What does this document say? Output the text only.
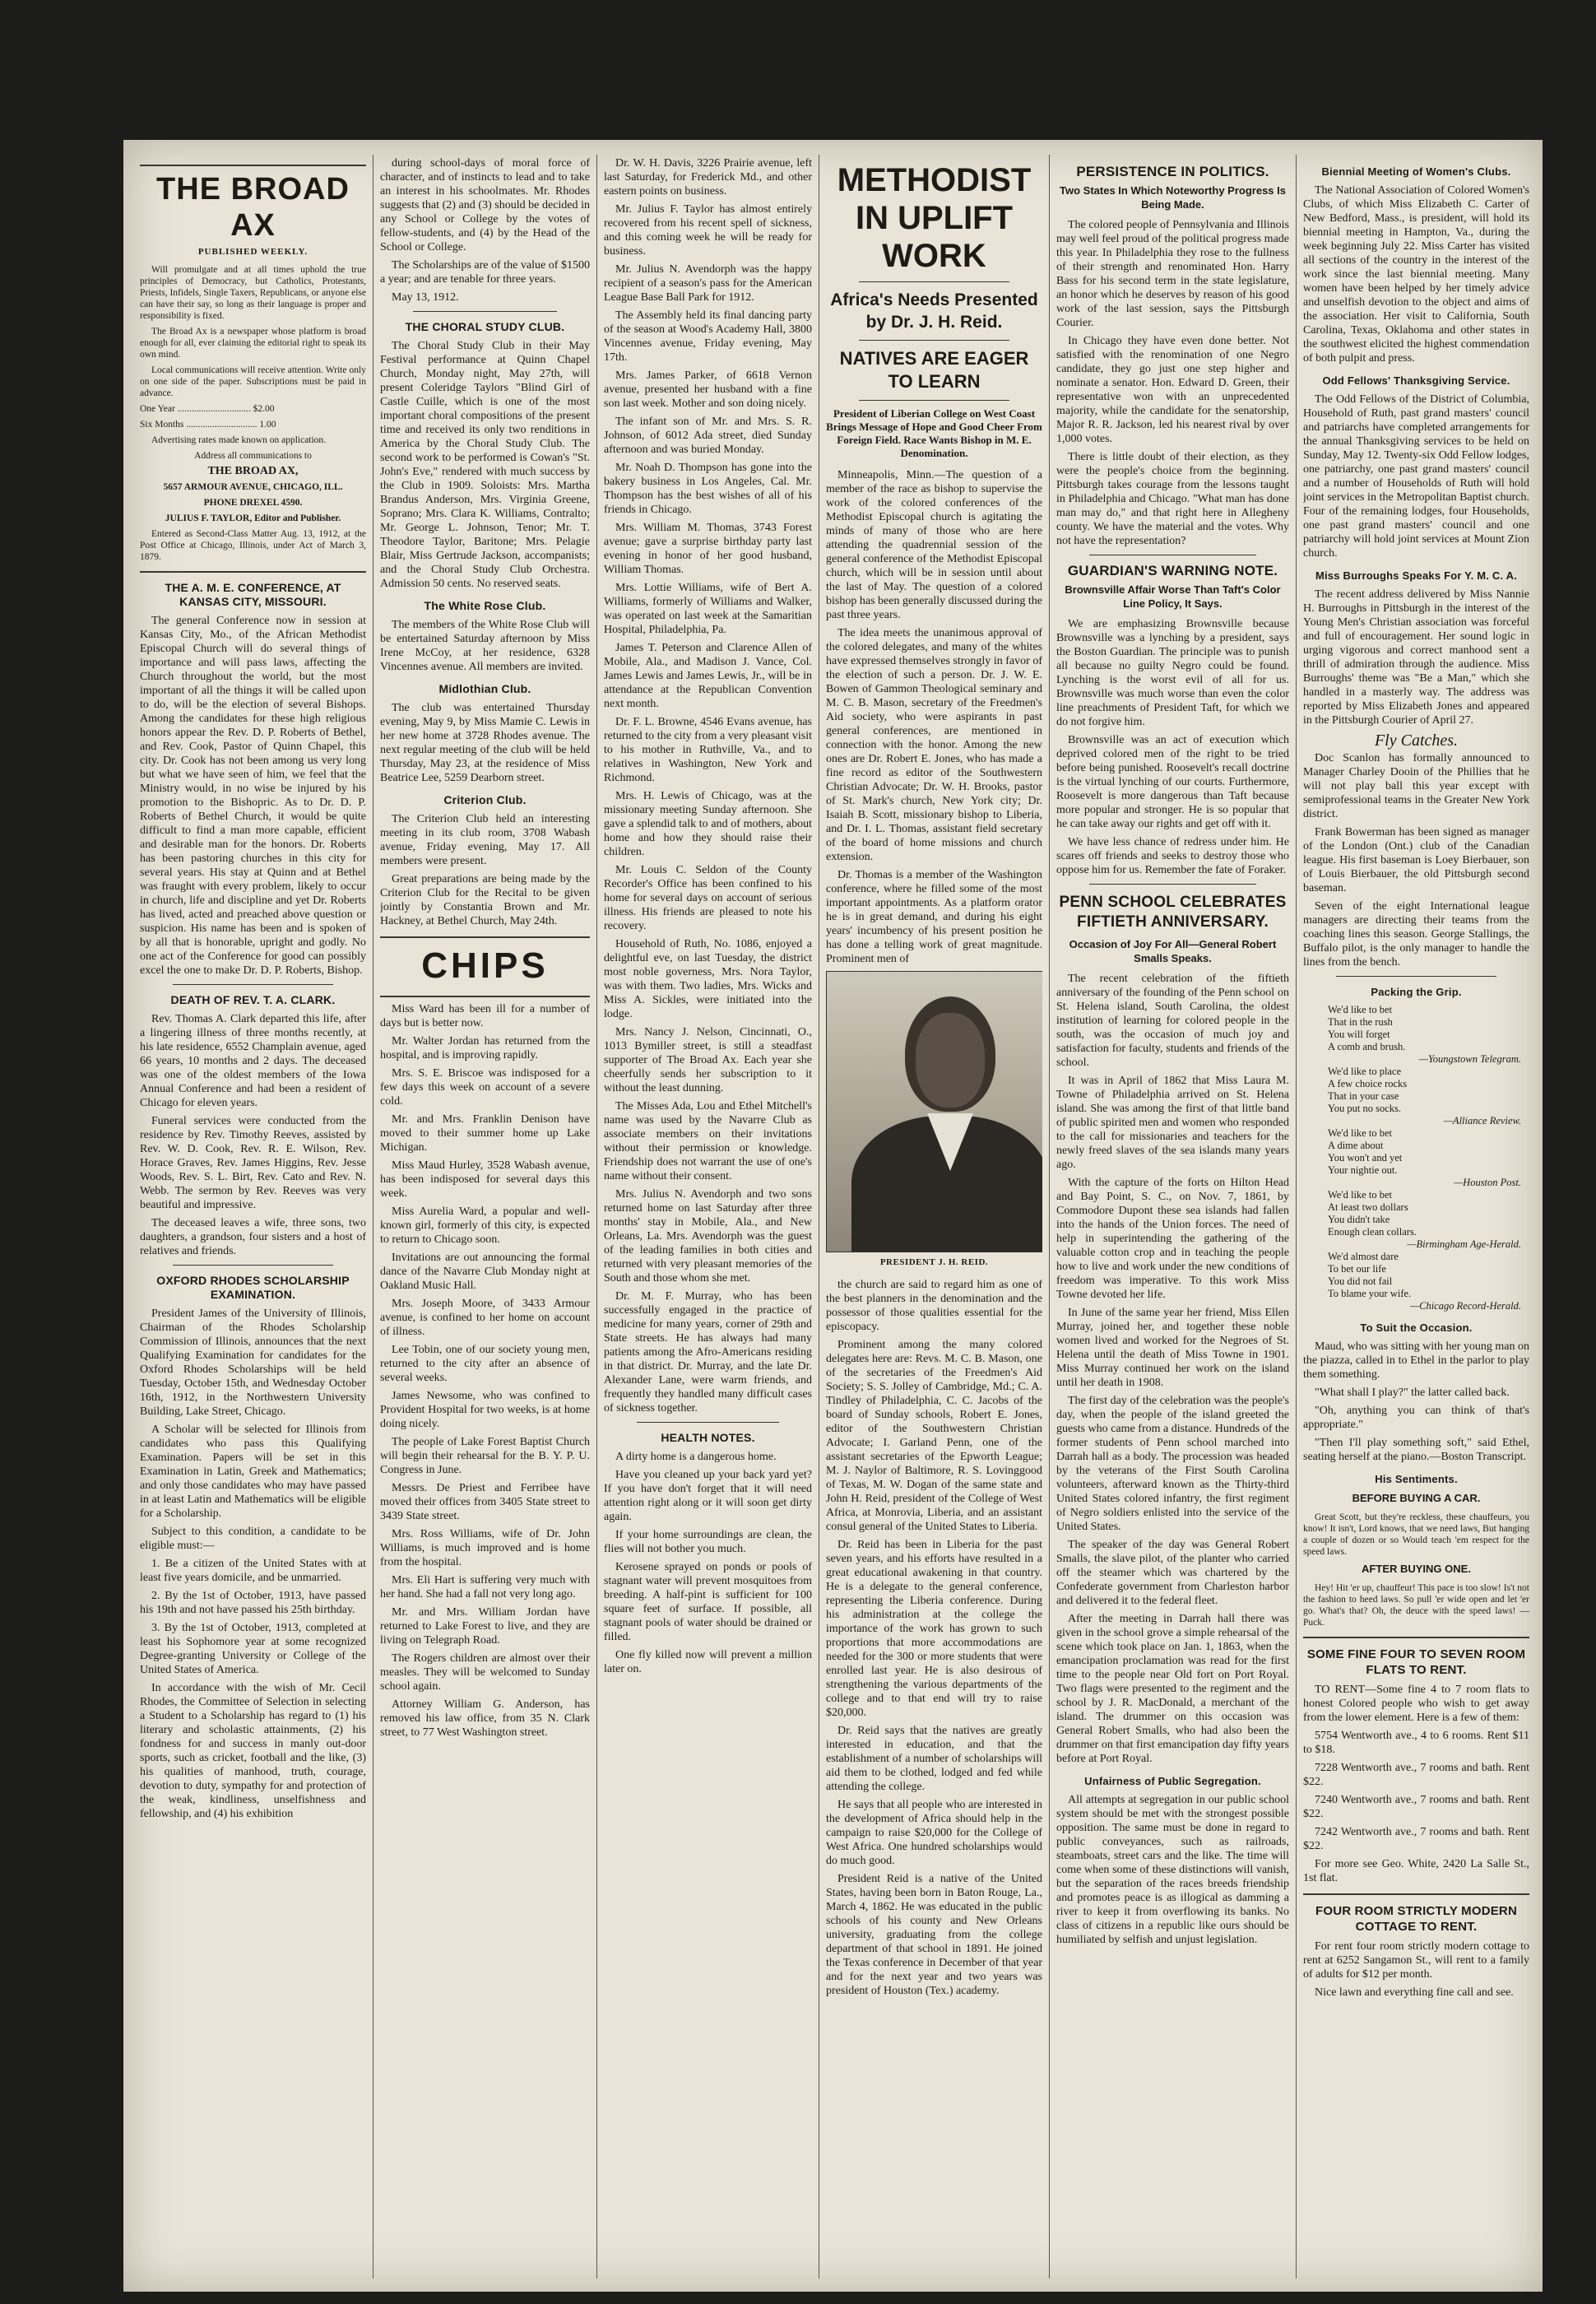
THE BROAD AX
PUBLISHED WEEKLY.

Will promulgate and at all times uphold the true principles of Democracy, but Catholics, Protestants, Priests, Infidels, Single Taxers, Republicans, or anyone else can have their say, so long as their language is proper and responsibility is fixed.

The Broad Ax is a newspaper whose platform is broad enough for all, ever claiming the editorial right to speak its own mind.

Local communications will receive attention. Write only on one side of the paper. Subscriptions must be paid in advance.

One Year ............................... $2.00

Six Months .............................. 1.00

Advertising rates made known on application.

Address all communications to

THE BROAD AX,

5657 ARMOUR AVENUE, CHICAGO, ILL.

PHONE DREXEL 4590.

JULIUS F. TAYLOR, Editor and Publisher.

Entered as Second-Class Matter Aug. 13, 1912, at the Post Office at Chicago, Illinois, under Act of March 3, 1879.

THE A. M. E. CONFERENCE, AT KANSAS CITY, MISSOURI.

The general Conference now in session at Kansas City, Mo., of the African Methodist Episcopal Church will do several things of importance and will pass laws, affecting the Church throughout the world, but the most important of all the things it will be called upon to do, will be the election of several Bishops. Among the candidates for these high religious honors appear the Rev. D. P. Roberts of Bethel, and Rev. Cook, Pastor of Quinn Chapel, this city. Dr. Cook has not been among us very long but what we have seen of him, we feel that the Ministry would, in no wise be injured by his promotion to the Bishopric. As to Dr. D. P. Roberts of Bethel Church, it would be quite difficult to find a man more capable, efficient and desirable man for the honors. Dr. Roberts has been pastoring churches in this city for several years. His stay at Quinn and at Bethel was fraught with every problem, likely to occur in church, life and discipline and yet Dr. Roberts has lived, acted and preached above question or suspicion. His name has been and is spoken of by all that is honorable, upright and godly. No one act of the Conference for good can possibly excel the one to make Dr. D. P. Roberts, Bishop.

DEATH OF REV. T. A. CLARK.

Rev. Thomas A. Clark departed this life, after a lingering illness of three months recently, at his late residence, 6552 Champlain avenue, aged 66 years, 10 months and 2 days. The deceased was one of the oldest members of the Iowa Annual Conference and had been a resident of Chicago for eleven years.

Funeral services were conducted from the residence by Rev. Timothy Reeves, assisted by Rev. W. D. Cook, Rev. R. E. Wilson, Rev. Horace Graves, Rev. James Higgins, Rev. Jesse Woods, Rev. S. L. Birt, Rev. Cato and Rev. N. Webb. The sermon by Rev. Reeves was very beautiful and impressive.

The deceased leaves a wife, three sons, two daughters, a grandson, four sisters and a host of relatives and friends.

OXFORD RHODES SCHOLARSHIP EXAMINATION.

President James of the University of Illinois, Chairman of the Rhodes Scholarship Commission of Illinois, announces that the next Qualifying Examination for candidates for the Oxford Rhodes Scholarships will be held Tuesday, October 15th, and Wednesday October 16th, 1912, in the Northwestern University Building, Lake Street, Chicago.

A Scholar will be selected for Illinois from candidates who pass this Qualifying Examination. Papers will be set in this Examination in Latin, Greek and Mathematics; and only those candidates who may have passed in at least Latin and Mathematics will be eligible for a Scholarship.

Subject to this condition, a candidate to be eligible must:—

1. Be a citizen of the United States with at least five years domicile, and be unmarried.

2. By the 1st of October, 1913, have passed his 19th and not have passed his 25th birthday.

3. By the 1st of October, 1913, completed at least his Sophomore year at some recognized Degree-granting University or College of the United States of America.

In accordance with the wish of Mr. Cecil Rhodes, the Committee of Selection in selecting a Student to a Scholarship has regard to (1) his literary and scholastic attainments, (2) his fondness for and success in manly out-door sports, such as cricket, football and the like, (3) his qualities of manhood, truth, courage, devotion to duty, sympathy for and protection of the weak, kindliness, unselfishness and fellowship, and (4) his exhibition

during school-days of moral force of character, and of instincts to lead and to take an interest in his schoolmates. Mr. Rhodes suggests that (2) and (3) should be decided in any School or College by the votes of fellow-students, and (4) by the Head of the School or College.

The Scholarships are of the value of $1500 a year; and are tenable for three years.

May 13, 1912.

THE CHORAL STUDY CLUB.

The Choral Study Club in their May Festival performance at Quinn Chapel Church, Monday night, May 27th, will present Coleridge Taylors "Blind Girl of Castle Cuille, which is one of the most important choral compositions of the present time and received its only two renditions in America by the Choral Study Club. The second work to be performed is Cowan's "St. John's Eve," rendered with much success by the Club in 1909. Soloists: Mrs. Martha Brandus Anderson, Mrs. Virginia Greene, Soprano; Mrs. Clara K. Williams, Contralto; Mr. George L. Johnson, Tenor; Mr. T. Theodore Taylor, Baritone; Mrs. Pelagie Blair, Miss Gertrude Jackson, accompanists; and the Choral Study Club Orchestra. Admission 50 cents. No reserved seats.

The White Rose Club.

The members of the White Rose Club will be entertained Saturday afternoon by Miss Irene McCoy, at her residence, 6328 Vincennes avenue. All members are invited.

Midlothian Club.

The club was entertained Thursday evening, May 9, by Miss Mamie C. Lewis in her new home at 3728 Rhodes avenue. The next regular meeting of the club will be held Thursday, May 23, at the residence of Miss Beatrice Lee, 5259 Dearborn street.

Criterion Club.

The Criterion Club held an interesting meeting in its club room, 3708 Wabash avenue, Friday evening, May 17. All members were present.

Great preparations are being made by the Criterion Club for the Recital to be given jointly by Constantia Brown and Mr. Hackney, at Bethel Church, May 24th.

CHIPS

Miss Ward has been ill for a number of days but is better now.

Mr. Walter Jordan has returned from the hospital, and is improving rapidly.

Mrs. S. E. Briscoe was indisposed for a few days this week on account of a severe cold.

Mr. and Mrs. Franklin Denison have moved to their summer home up Lake Michigan.

Miss Maud Hurley, 3528 Wabash avenue, has been indisposed for several days this week.

Miss Aurelia Ward, a popular and well-known girl, formerly of this city, is expected to return to Chicago soon.

Invitations are out announcing the formal dance of the Navarre Club Monday night at Oakland Music Hall.

Mrs. Joseph Moore, of 3433 Armour avenue, is confined to her home on account of illness.

Lee Tobin, one of our society young men, returned to the city after an absence of several weeks.

James Newsome, who was confined to Provident Hospital for two weeks, is at home doing nicely.

The people of Lake Forest Baptist Church will begin their rehearsal for the B. Y. P. U. Congress in June.

Messrs. De Priest and Ferribee have moved their offices from 3405 State street to 3439 State street.

Mrs. Ross Williams, wife of Dr. John Williams, is much improved and is home from the hospital.

Mrs. Eli Hart is suffering very much with her hand. She had a fall not very long ago.

Mr. and Mrs. William Jordan have returned to Lake Forest to live, and they are living on Telegraph Road.

The Rogers children are almost over their measles. They will be welcomed to Sunday school again.

Attorney William G. Anderson, has removed his law office, from 35 N. Clark street, to 77 West Washington street.

Dr. W. H. Davis, 3226 Prairie avenue, left last Saturday, for Frederick Md., and other eastern points on business.

Mr. Julius F. Taylor has almost entirely recovered from his recent spell of sickness, and this coming week he will be ready for business.

Mr. Julius N. Avendorph was the happy recipient of a season's pass for the American League Base Ball Park for 1912.

The Assembly held its final dancing party of the season at Wood's Academy Hall, 3800 Vincennes avenue, Friday evening, May 17th.

Mrs. James Parker, of 6618 Vernon avenue, presented her husband with a fine son last week. Mother and son doing nicely.

The infant son of Mr. and Mrs. S. R. Johnson, of 6012 Ada street, died Sunday afternoon and was buried Monday.

Mr. Noah D. Thompson has gone into the bakery business in Los Angeles, Cal. Mr. Thompson has the best wishes of all of his friends in Chicago.

Mrs. William M. Thomas, 3743 Forest avenue; gave a surprise birthday party last evening in honor of her good husband, William Thomas.

Mrs. Lottie Williams, wife of Bert A. Williams, formerly of Williams and Walker, was operated on last week at the Samaritian Hospital, Philadelphia, Pa.

James T. Peterson and Clarence Allen of Mobile, Ala., and Madison J. Vance, Col. James Lewis and James Lewis, Jr., will be in attendance at the Republican Convention next month.

Dr. F. L. Browne, 4546 Evans avenue, has returned to the city from a very pleasant visit to his mother in Ruthville, Va., and to relatives in Washington, New York and Richmond.

Mrs. H. Lewis of Chicago, was at the missionary meeting Sunday afternoon. She gave a splendid talk to and of mothers, about home and how they should raise their children.

Mr. Louis C. Seldon of the County Recorder's Office has been confined to his home for several days on account of serious illness. His friends are pleased to note his recovery.

Household of Ruth, No. 1086, enjoyed a delightful eve, on last Tuesday, the district most noble governess, Mrs. Nora Taylor, was with them. Two ladies, Mrs. Wicks and Miss A. Sickles, were initiated into the lodge.

Mrs. Nancy J. Nelson, Cincinnati, O., 1013 Bymiller street, is still a steadfast supporter of The Broad Ax. Each year she cheerfully sends her subscription to it without the least dunning.

The Misses Ada, Lou and Ethel Mitchell's name was used by the Navarre Club as associate members on their invitations without their permission or knowledge. Friendship does not warrant the use of one's name without their consent.

Mrs. Julius N. Avendorph and two sons returned home on last Saturday after three months' stay in Mobile, Ala., and New Orleans, La. Mrs. Avendorph was the guest of the leading families in both cities and returned with very pleasant memories of the South and those whom she met.

Dr. M. F. Murray, who has been successfully engaged in the practice of medicine for many years, corner of 29th and State streets. He has always had many patients among the Afro-Americans residing in that district. Dr. Murray, and the late Dr. Alexander Lane, were warm friends, and frequently they handled many difficult cases of sickness together.

HEALTH NOTES.

A dirty home is a dangerous home.

Have you cleaned up your back yard yet? If you have don't forget that it will need attention right along or it will soon get dirty again.

If your home surroundings are clean, the flies will not bother you much.

Kerosene sprayed on ponds or pools of stagnant water will prevent mosquitoes from breeding. A half-pint is sufficient for 100 square feet of surface. If possible, all stagnant pools of water should be drained or filled.

One fly killed now will prevent a million later on.

METHODIST IN UPLIFT WORK
Africa's Needs Presented by Dr. J. H. Reid.
NATIVES ARE EAGER TO LEARN
President of Liberian College on West Coast Brings Message of Hope and Good Cheer From Foreign Field. Race Wants Bishop in M. E. Denomination.

Minneapolis, Minn.—The question of a member of the race as bishop to supervise the work of the colored conferences of the Methodist Episcopal church is agitating the minds of many of those who are here attending the quadrennial session of the general conference of the Methodist Episcopal church, which will be in session until about the last of May. The question of a colored bishop has been generally discussed during the past three years.

The idea meets the unanimous approval of the colored delegates, and many of the whites have expressed themselves strongly in favor of the election of such a person. Dr. J. W. E. Bowen of Gammon Theological seminary and M. C. B. Mason, secretary of the Freedmen's Aid society, who were aspirants in past general conferences, are mentioned in connection with the honor. Among the new ones are Dr. Robert E. Jones, who has made a fine record as editor of the Southwestern Christian Advocate; Dr. W. H. Brooks, pastor of St. Mark's church, New York city; Dr. Isaiah B. Scott, missionary bishop to Liberia, and Dr. I. L. Thomas, assistant field secretary of the board of home missions and church extension.

Dr. Thomas is a member of the Washington conference, where he filled some of the most important appointments. As a platform orator he is in great demand, and during his eight years' incumbency of his present position he has done a telling work of great magnitude. Prominent men of

PRESIDENT J. H. REID.

the church are said to regard him as one of the best planners in the denomination and the possessor of those qualities essential for the episcopacy.

Prominent among the many colored delegates here are: Revs. M. C. B. Mason, one of the secretaries of the Freedmen's Aid Society; S. S. Jolley of Cambridge, Md.; C. A. Tindley of Philadelphia, C. C. Jacobs of the board of Sunday schools, Robert E. Jones, editor of the Southwestern Christian Advocate; I. Garland Penn, one of the assistant secretaries of the Epworth League; M. J. Naylor of Baltimore, R. S. Lovinggood of Texas, M. W. Dogan of the same state and John H. Reid, president of the College of West Africa, at Monrovia, Liberia, and an assistant consul general of the United States to Liberia.

Dr. Reid has been in Liberia for the past seven years, and his efforts have resulted in a great educational awakening in that country. He is a delegate to the general conference, representing the Liberia conference. During his administration at the college the importance of the work has grown to such proportions that more accommodations are needed for the 300 or more students that were enrolled last year. He is also desirous of strengthening the various departments of the college and to that end will try to raise $20,000.

Dr. Reid says that the natives are greatly interested in education, and that the establishment of a number of scholarships will aid them to be clothed, lodged and fed while attending the college.

He says that all people who are interested in the development of Africa should help in the campaign to raise $20,000 for the College of West Africa. One hundred scholarships would do much good.

President Reid is a native of the United States, having been born in Baton Rouge, La., March 4, 1862. He was educated in the public schools of his county and New Orleans university, graduating from the college department of that school in 1891. He joined the Texas conference in December of that year and for the next year and two years was president of Houston (Tex.) academy.

PERSISTENCE IN POLITICS.
Two States In Which Noteworthy Progress Is Being Made.

The colored people of Pennsylvania and Illinois may well feel proud of the political progress made this year. In Philadelphia they rose to the fullness of their strength and renominated Hon. Harry Bass for his second term in the state legislature, an honor which he deserves by reason of his good work of the last session, says the Pittsburgh Courier.

In Chicago they have even done better. Not satisfied with the renomination of one Negro candidate, they go just one step higher and nominate a senator. Hon. Edward D. Green, their representative won with an unprecedented majority, while the candidate for the senatorship, Major R. R. Jackson, led his nearest rival by over 1,000 votes.

There is little doubt of their election, as they were the people's choice from the beginning. Pittsburgh takes courage from the lessons taught in Philadelphia and Chicago. "What man has done man may do," and that right here in Allegheny county. We have the material and the votes. Why not have the representation?

GUARDIAN'S WARNING NOTE.
Brownsville Affair Worse Than Taft's Color Line Policy, It Says.

We are emphasizing Brownsville because Brownsville was a lynching by a president, says the Boston Guardian. The principle was to punish all because no guilty Negro could be found. Lynching is the worst evil of all for us. Brownsville was much worse than even the color line preachments of President Taft, for which we do not forgive him.

Brownsville was an act of execution which deprived colored men of the right to be tried before being punished. Roosevelt's recall doctrine is the virtual lynching of our courts. Furthermore, Roosevelt is more dangerous than Taft because more popular and stronger. He is so popular that he can take away our rights and get off with it.

We have less chance of redress under him. He scares off friends and seeks to destroy those who oppose him for us. Remember the fate of Foraker.

PENN SCHOOL CELEBRATES FIFTIETH ANNIVERSARY.
Occasion of Joy For All—General Robert Smalls Speaks.

The recent celebration of the fiftieth anniversary of the founding of the Penn school on St. Helena island, South Carolina, the oldest institution of learning for colored people in the south, was the occasion of much joy and satisfaction for faculty, students and friends of the school.

It was in April of 1862 that Miss Laura M. Towne of Philadelphia arrived on St. Helena island. She was among the first of that little band of public spirited men and women who responded to the call for missionaries and teachers for the newly freed slaves of the sea islands many years ago.

With the capture of the forts on Hilton Head and Bay Point, S. C., on Nov. 7, 1861, by Commodore Dupont these sea islands had fallen into the hands of the Union forces. The need of help in superintending the gathering of the valuable cotton crop and in teaching the people how to live and work under the new conditions of freedom was imperative. To this work Miss Towne devoted her life.

In June of the same year her friend, Miss Ellen Murray, joined her, and together these noble women lived and worked for the Negroes of St. Helena until the death of Miss Towne in 1901. Miss Murray continued her work on the island until her death in 1908.

The first day of the celebration was the people's day, when the people of the island greeted the guests who came from a distance. Hundreds of the former students of Penn school marched into Darrah hall as a body. The procession was headed by the veterans of the First South Carolina volunteers, afterward known as the Thirty-third United States colored infantry, the first regiment of Negro soldiers enlisted into the service of the United States.

The speaker of the day was General Robert Smalls, the slave pilot, of the planter who carried off the steamer which was chartered by the Confederate government from Charleston harbor and delivered it to the federal fleet.

After the meeting in Darrah hall there was given in the school grove a simple rehearsal of the scene which took place on Jan. 1, 1863, when the emancipation proclamation was read for the first time to the people near Old fort on Port Royal. Two flags were presented to the regiment and the school by J. R. MacDonald, a merchant of the island. The drummer on this occasion was General Robert Smalls, who had also been the drummer on that first emancipation day fifty years before at Port Royal.

Unfairness of Public Segregation.

All attempts at segregation in our public school system should be met with the strongest possible opposition. The same must be done in regard to public conveyances, such as railroads, steamboats, street cars and the like. The time will come when some of these distinctions will vanish, but the separation of the races breeds friendship and promotes peace is as illogical as damming a river to keep it from overflowing its banks. No class of citizens in a republic like ours should be humiliated by selfish and unjust legislation.

Biennial Meeting of Women's Clubs.

The National Association of Colored Women's Clubs, of which Miss Elizabeth C. Carter of New Bedford, Mass., is president, will hold its biennial meeting in Hampton, Va., during the week beginning July 22. Miss Carter has visited all sections of the country in the interest of the work since the last biennial meeting. Many women have been helped by her timely advice and unselfish devotion to the object and aims of the association. Her visit to California, South Carolina, Texas, Oklahoma and other states in the southwest elicited the highest commendation of both pulpit and press.

Odd Fellows' Thanksgiving Service.

The Odd Fellows of the District of Columbia, Household of Ruth, past grand masters' council and patriarchs have completed arrangements for the annual Thanksgiving services to be held on Sunday, May 12. Twenty-six Odd Fellow lodges, one patriarchy, one past grand masters' council and a number of Households of Ruth will hold joint services in the Metropolitan Baptist church. Four of the remaining lodges, four Households, one past grand masters' council and one patriarchy will hold joint services at Mount Zion church.

Miss Burroughs Speaks For Y. M. C. A.

The recent address delivered by Miss Nannie H. Burroughs in Pittsburgh in the interest of the Young Men's Christian association was forceful and full of encouragement. Her sound logic in urging vigorous and correct manhood sent a thrill of admiration through the audience. Miss Burroughs' theme was "Be a Man," which she handled in a masterly way. The address was reported by Miss Elizabeth Jones and appeared in the Pittsburgh Courier of April 27.

Fly Catches.

Doc Scanlon has formally announced to Manager Charley Dooin of the Phillies that he will not play ball this year except with semiprofessional teams in the Greater New York district.

Frank Bowerman has been signed as manager of the London (Ont.) club of the Canadian league. His first baseman is Loey Bierbauer, son of Louis Bierbauer, the old Pittsburgh second baseman.

Seven of the eight International league managers are directing their teams from the coaching lines this season. George Stallings, the Buffalo pilot, is the only manager to handle the lines from the bench.

Packing the Grip.
We'd like to bet
That in the rush
You will forget
A comb and brush.
—Youngstown Telegram.
We'd like to place
A few choice rocks
That in your case
You put no socks.
—Alliance Review.
We'd like to bet
A dime about
You won't and yet
Your nightie out.
—Houston Post.
We'd like to bet
At least two dollars
You didn't take
Enough clean collars.
—Birmingham Age-Herald.
We'd almost dare
To bet our life
You did not fail
To blame your wife.
—Chicago Record-Herald.
To Suit the Occasion.

Maud, who was sitting with her young man on the piazza, called in to Ethel in the parlor to play them something.

"What shall I play?" the latter called back.

"Oh, anything you can think of that's appropriate."

"Then I'll play something soft," said Ethel, seating herself at the piano.—Boston Transcript.

His Sentiments.
BEFORE BUYING A CAR.

Great Scott, but they're reckless, these chauffeurs, you know! It isn't, Lord knows, that we need laws, But hanging a couple of dozen or so Would teach 'em respect for the speed laws.

AFTER BUYING ONE.

Hey! Hit 'er up, chauffeur! This pace is too slow! Is't not the fashion to heed laws. So pull 'er wide open and let 'er go. What's that? Oh, the deuce with the speed laws! —Puck.

SOME FINE FOUR TO SEVEN ROOM FLATS TO RENT.

TO RENT—Some fine 4 to 7 room flats to honest Colored people who wish to get away from the lower element. Here is a few of them:

5754 Wentworth ave., 4 to 6 rooms. Rent $11 to $18.

7228 Wentworth ave., 7 rooms and bath. Rent $22.

7240 Wentworth ave., 7 rooms and bath. Rent $22.

7242 Wentworth ave., 7 rooms and bath. Rent $22.

For more see Geo. White, 2420 La Salle St., 1st flat.

FOUR ROOM STRICTLY MODERN COTTAGE TO RENT.

For rent four room strictly modern cottage to rent at 6252 Sangamon St., will rent to a family of adults for $12 per month.

Nice lawn and everything fine call and see.
